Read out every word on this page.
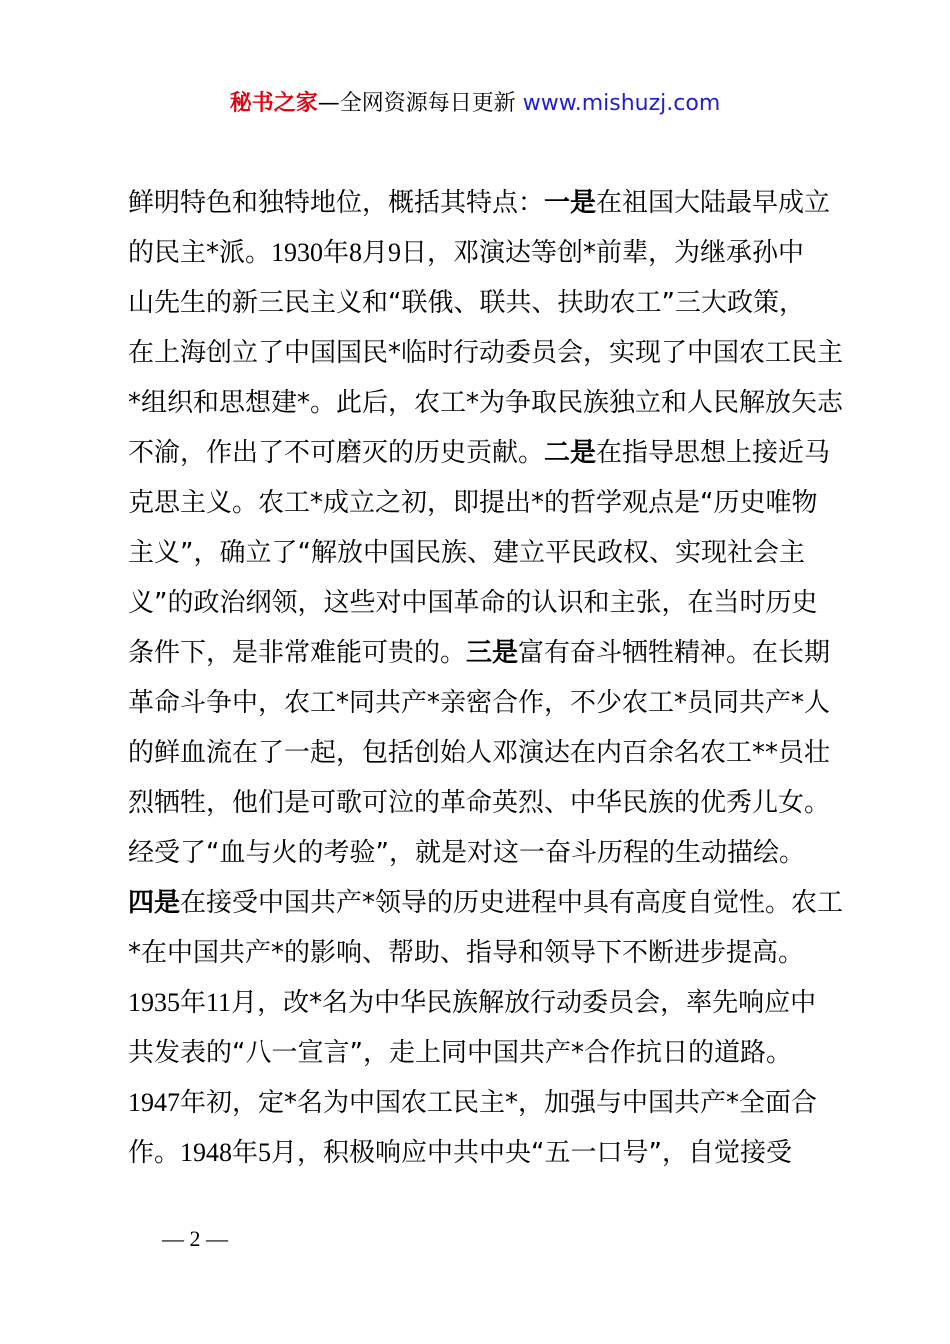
秘书之家—全网资源每日更新 www.mishuzj.com
鲜明特色和独特地位，概括其特点：一是在祖国大陆最早成立
的民主*派。1930年8月9日，邓演达等创*前辈，为继承孙中
山先生的新三民主义和“联俄、联共、扶助农工”三大政策，
在上海创立了中国国民*临时行动委员会，实现了中国农工民主
*组织和思想建*。此后，农工*为争取民族独立和人民解放矢志
不渝，作出了不可磨灭的历史贡献。二是在指导思想上接近马
克思主义。农工*成立之初，即提出*的哲学观点是“历史唯物
主义”，确立了“解放中国民族、建立平民政权、实现社会主
义”的政治纲领，这些对中国革命的认识和主张，在当时历史
条件下，是非常难能可贵的。三是富有奋斗牺牲精神。在长期
革命斗争中，农工*同共产*亲密合作，不少农工*员同共产*人
的鲜血流在了一起，包括创始人邓演达在内百余名农工**员壮
烈牺牲，他们是可歌可泣的革命英烈、中华民族的优秀儿女。
经受了“血与火的考验”，就是对这一奋斗历程的生动描绘。
四是在接受中国共产*领导的历史进程中具有高度自觉性。农工
*在中国共产*的影响、帮助、指导和领导下不断进步提高。
1935年11月，改*名为中华民族解放行动委员会，率先响应中
共发表的“八一宣言”，走上同中国共产*合作抗日的道路。
1947年初，定*名为中国农工民主*，加强与中国共产*全面合
作。1948年5月，积极响应中共中央“五一口号”，自觉接受
— 2 —
